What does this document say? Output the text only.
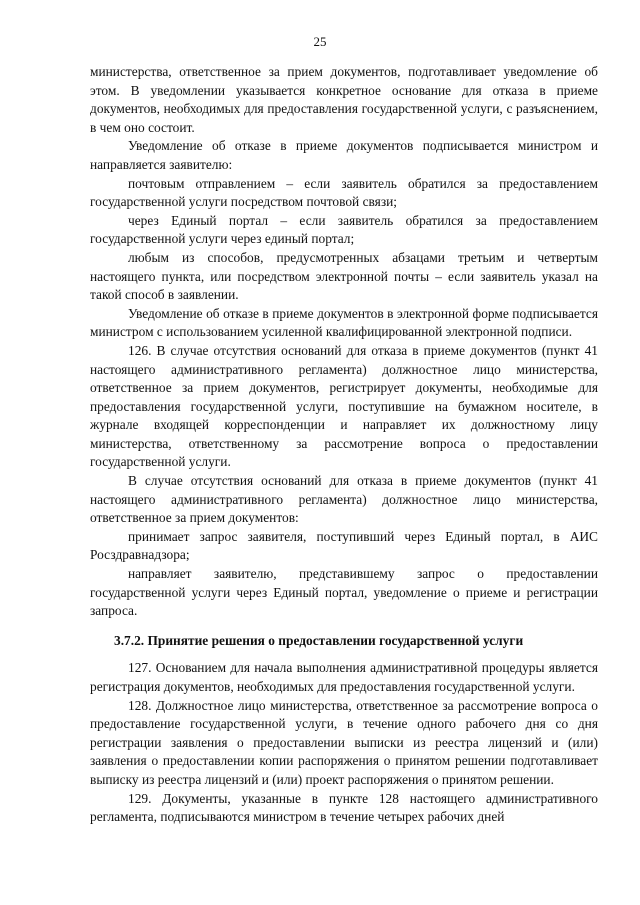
25

министерства, ответственное за прием документов, подготавливает уведомление об этом. В уведомлении указывается конкретное основание для отказа в приеме документов, необходимых для предоставления государственной услуги, с разъяснением, в чем оно состоит.

Уведомление об отказе в приеме документов подписывается министром и направляется заявителю:

почтовым отправлением – если заявитель обратился за предоставлением государственной услуги посредством почтовой связи;

через Единый портал – если заявитель обратился за предоставлением государственной услуги через единый портал;

любым из способов, предусмотренных абзацами третьим и четвертым настоящего пункта, или посредством электронной почты – если заявитель указал на такой способ в заявлении.

Уведомление об отказе в приеме документов в электронной форме подписывается министром с использованием усиленной квалифицированной электронной подписи.

126. В случае отсутствия оснований для отказа в приеме документов (пункт 41 настоящего административного регламента) должностное лицо министерства, ответственное за прием документов, регистрирует документы, необходимые для предоставления государственной услуги, поступившие на бумажном носителе, в журнале входящей корреспонденции и направляет их должностному лицу министерства, ответственному за рассмотрение вопроса о предоставлении государственной услуги.

В случае отсутствия оснований для отказа в приеме документов (пункт 41 настоящего административного регламента) должностное лицо министерства, ответственное за прием документов:

принимает запрос заявителя, поступивший через Единый портал, в АИС Росздравнадзора;

направляет заявителю, представившему запрос о предоставлении государственной услуги через Единый портал, уведомление о приеме и регистрации запроса.

3.7.2. Принятие решения о предоставлении государственной услуги

127. Основанием для начала выполнения административной процедуры является регистрация документов, необходимых для предоставления государственной услуги.

128. Должностное лицо министерства, ответственное за рассмотрение вопроса о предоставление государственной услуги, в течение одного рабочего дня со дня регистрации заявления о предоставлении выписки из реестра лицензий и (или) заявления о предоставлении копии распоряжения о принятом решении подготавливает выписку из реестра лицензий и (или) проект распоряжения о принятом решении.

129. Документы, указанные в пункте 128 настоящего административного регламента, подписываются министром в течение четырех рабочих дней
